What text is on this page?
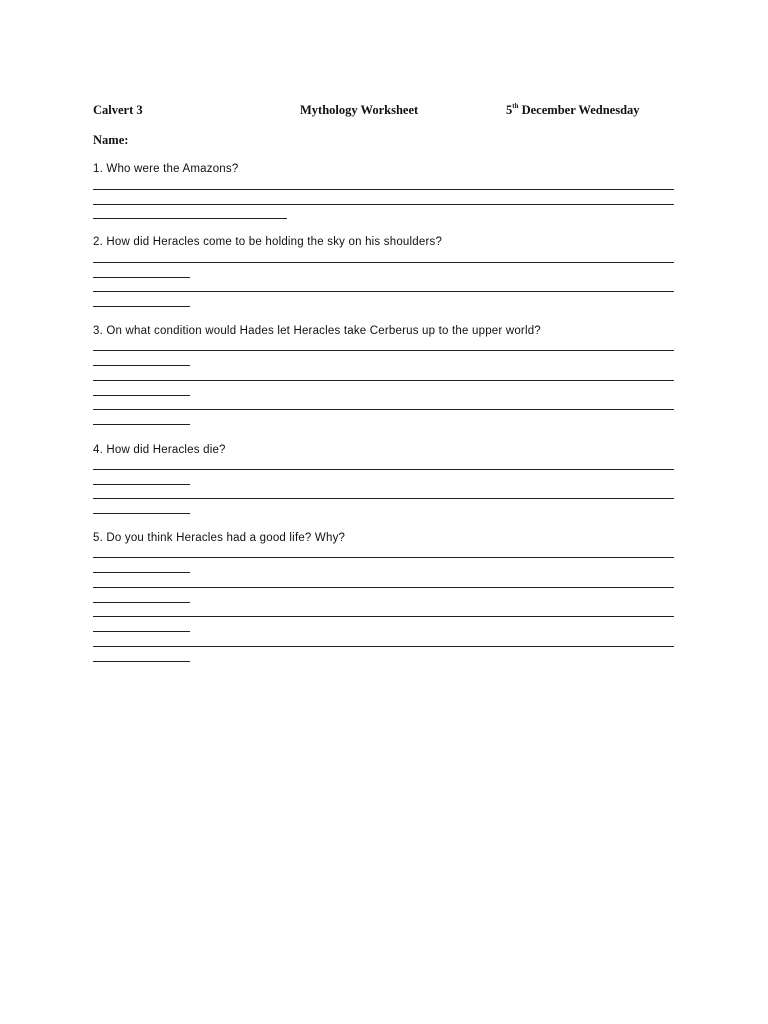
Calvert 3	Mythology Worksheet	5th December Wednesday
Name:
1. Who were the Amazons?
2. How did Heracles come to be holding the sky on his shoulders?
3. On what condition would Hades let Heracles take Cerberus up to the upper world?
4. How did Heracles die?
5. Do you think Heracles had a good life? Why?
